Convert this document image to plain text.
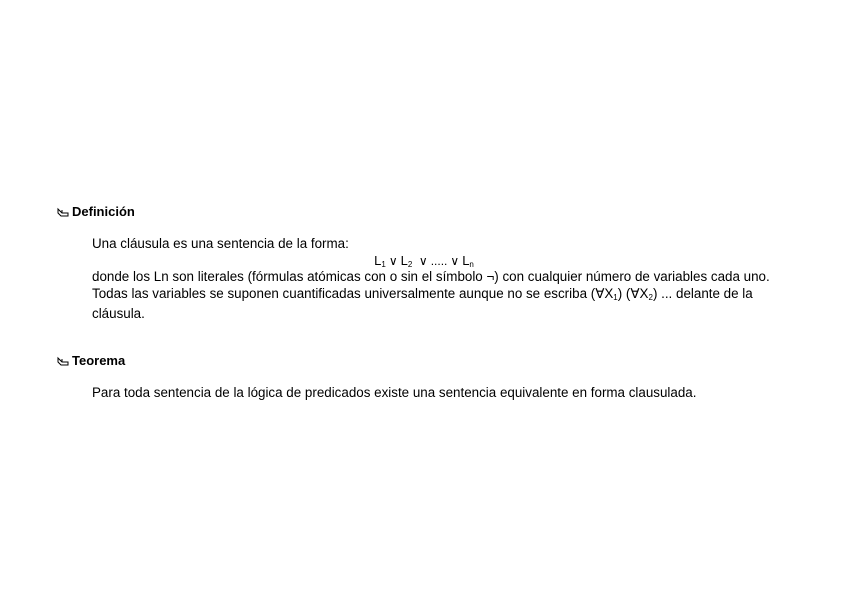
Definición
Una cláusula es una sentencia de la forma:
$L_1$ ∨ $L_2$ ∨ ..... ∨ $L_n$
donde los Ln son literales (fórmulas atómicas con o sin el símbolo ¬) con cualquier número de variables cada uno. Todas las variables se suponen cuantificadas universalmente aunque no se escriba $(\forall X_1)$ $(\forall X_2)$ ... delante de la cláusula.
Teorema
Para toda sentencia de la lógica de predicados existe una sentencia equivalente en forma clausulada.
